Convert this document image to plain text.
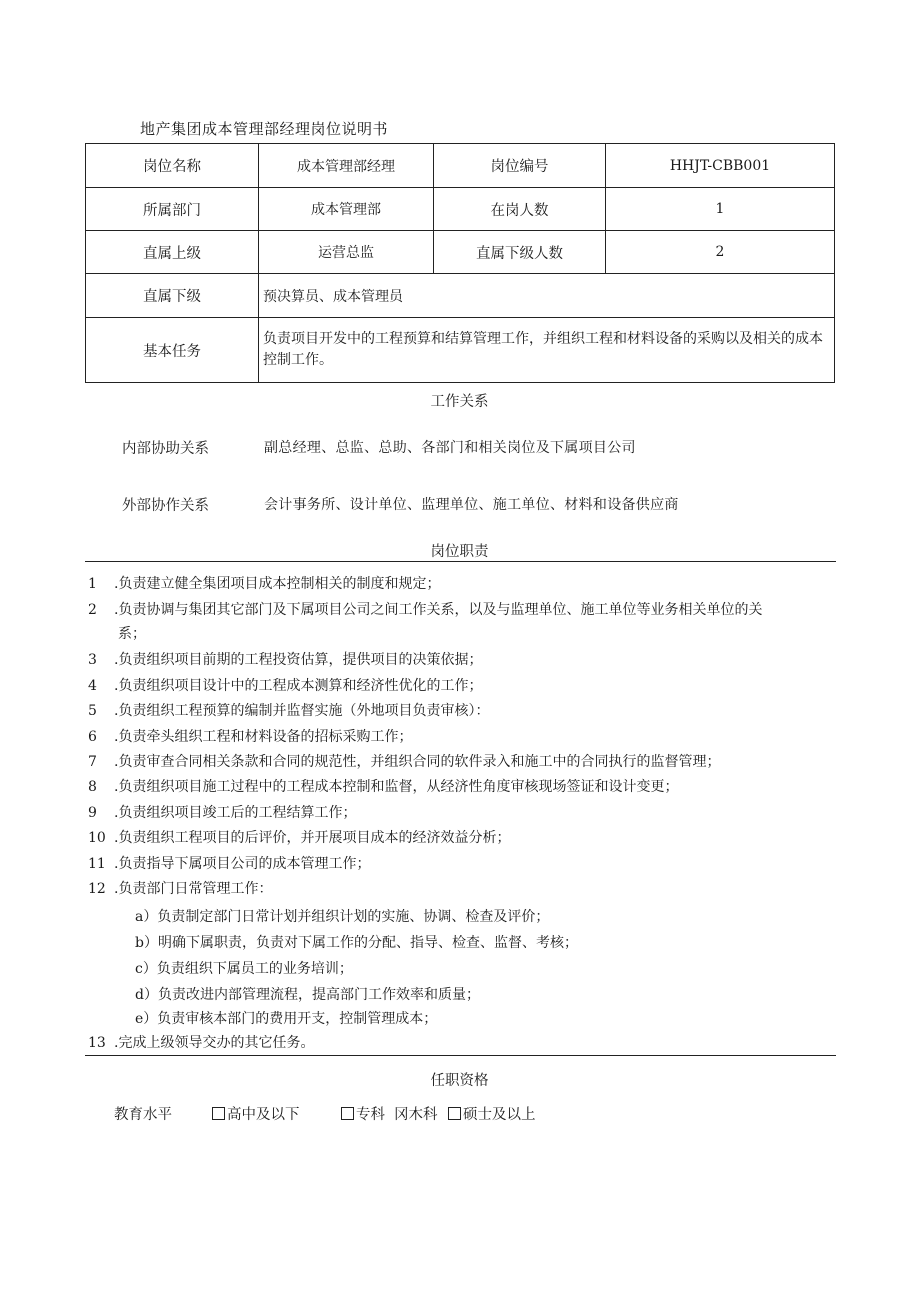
地产集团成本管理部经理岗位说明书
岗位名称	成本管理部经理	岗位编号	HHJT-CBB001
所属部门	成本管理部	在岗人数	1
直属上级	运营总监	直属下级人数	2
直属下级	预决算员、成本管理员		
基本任务	负责项目开发中的工程预算和结算管理工作，并组织工程和材料设备的采购以及相关的成本控制工作。		
工作关系
内部协助关系	副总经理、总监、总助、各部门和相关岗位及下属项目公司
外部协作关系	会计事务所、设计单位、监理单位、施工单位、材料和设备供应商
岗位职责
1 .负责建立健全集团项目成本控制相关的制度和规定；
2 .负责协调与集团其它部门及下属项目公司之间工作关系，以及与监理单位、施工单位等业务相关单位的关
系；
3 .负责组织项目前期的工程投资估算，提供项目的决策依据；
4 .负责组织项目设计中的工程成本测算和经济性优化的工作；
5 .负责组织工程预算的编制并监督实施（外地项目负责审核）：
6 .负责牵头组织工程和材料设备的招标采购工作；
7 .负责审查合同相关条款和合同的规范性，并组织合同的软件录入和施工中的合同执行的监督管理；
8 .负责组织项目施工过程中的工程成本控制和监督，从经济性角度审核现场签证和设计变更；
9 .负责组织项目竣工后的工程结算工作；
10 .负责组织工程项目的后评价，并开展项目成本的经济效益分析；
11 .负责指导下属项目公司的成本管理工作；
12 .负责部门日常管理工作：
a）负责制定部门日常计划并组织计划的实施、协调、检查及评价；
b）明确下属职责，负责对下属工作的分配、指导、检查、监督、考核；
c）负责组织下属员工的业务培训；
d）负责改进内部管理流程，提高部门工作效率和质量；
e）负责审核本部门的费用开支，控制管理成本；
13 .完成上级领导交办的其它任务。
任职资格
教育水平	高中及以下	专科 冈木科	硕士及以上
